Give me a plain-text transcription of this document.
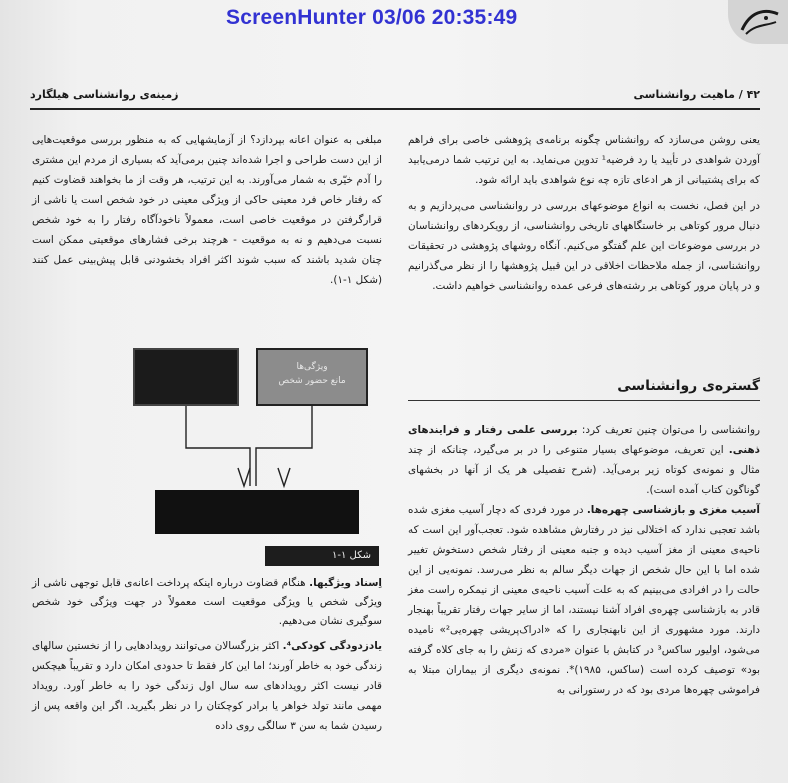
ScreenHunter 03/06 20:35:49
۴۲ / ماهیت روانشناسی
زمینه‌ی روانشناسی هیلگارد

یعنی روشن می‌سازد که روانشناس چگونه برنامه‌ی پژوهشی خاصی برای فراهم آوردن شواهدی در تأیید یا رد فرضیه¹ تدوین می‌نماید. به این ترتیب شما درمی‌یابید که برای پشتیبانی از هر ادعای تازه چه نوع شواهدی باید ارائه شود.

در این فصل، نخست به انواع موضوعهای بررسی در روانشناسی می‌پردازیم و به دنبال مرور کوتاهی بر خاستگاههای تاریخی روانشناسی، از رویکردهای روانشناسان در بررسی موضوعات این علم گفتگو می‌کنیم. آنگاه روشهای پژوهشی در تحقیقات روانشناسی، از جمله ملاحظات اخلاقی در این قبیل پژوهشها را از نظر می‌گذرانیم و در پایان مرور کوتاهی بر رشته‌های فرعی عمده روانشناسی خواهیم داشت.

گستره‌ی روانشناسی

روانشناسی را می‌توان چنین تعریف کرد: بررسی علمی رفتار و فرایندهای ذهنی. این تعریف، موضوعهای بسیار متنوعی را در بر می‌گیرد، چنانکه از چند مثال و نمونه‌ی کوتاه زیر برمی‌آید. (شرح تفصیلی هر یک از آنها در بخشهای گوناگون کتاب آمده است).

آسیب مغزی و بازشناسی چهره‌ها. در مورد فردی که دچار آسیب مغزی شده باشد تعجبی ندارد که اختلالی نیز در رفتارش مشاهده شود. تعجب‌آور این است که ناحیه‌ی معینی از مغز آسیب دیده و جنبه معینی از رفتار شخص دستخوش تغییر شده اما با این حال شخص از جهات دیگر سالم به نظر می‌رسد. نمونه‌یی از این حالت را در افرادی می‌بینیم که به علت آسیب ناحیه‌ی معینی از نیمکره راست مغز قادر به بازشناسی چهره‌ی افراد آشنا نیستند، اما از سایر جهات رفتار تقریباً بهنجار دارند. مورد مشهوری از این نابهنجاری را که «ادراک‌پریشی چهره‌یی²» نامیده می‌شود، اولیور ساکس³ در کتابش با عنوان «مردی که زنش را به جای کلاه گرفته بود» توصیف کرده است (ساکس، ۱۹۸۵)*. نمونه‌ی دیگری از بیماران مبتلا به فراموشی چهره‌ها مردی بود که در رستورانی به

مبلغی به عنوان اعانه بپردازد؟ از آزمایشهایی که به منظور بررسی موقعیت‌هایی از این دست طراحی و اجرا شده‌اند چنین برمی‌آید که بسیاری از مردم این مشتری را آدم خیّری به شمار می‌آورند. به این ترتیب، هر وقت از ما بخواهند قضاوت کنیم که رفتار خاص فرد معینی حاکی از ویژگی معینی در خود شخص است یا ناشی از قرارگرفتن در موقعیت خاصی است، معمولاً ناخودآگاه رفتار را به خود شخص نسبت می‌دهیم و نه به موقعیت - هرچند برخی فشارهای موقعیتی ممکن است چنان شدید باشند که سبب شوند اکثر افراد بخشودنی قابل پیش‌بینی عمل کنند (شکل ۱-۱).

ویژگی‌ها
مانع حضور شخص
شکل ۱-۱
اِسناد ویژگیها. هنگام قضاوت درباره اینکه پرداخت اعانه‌ی قابل توجهی ناشی از ویژگی شخص یا ویژگی موقعیت است معمولاً در جهت ویژگی خود شخص سوگیری نشان می‌دهیم.

یادزدودگی کودکی⁴. اکثر بزرگسالان می‌توانند رویدادهایی را از نخستین سالهای زندگی خود به خاطر آورند؛ اما این کار فقط تا حدودی امکان دارد و تقریباً هیچکس قادر نیست اکثر رویدادهای سه سال اول زندگی خود را به خاطر آورد. رویداد مهمی مانند تولد خواهر یا برادر کوچکتان را در نظر بگیرید. اگر این واقعه پس از رسیدن شما به سن ۳ سالگی روی داده
